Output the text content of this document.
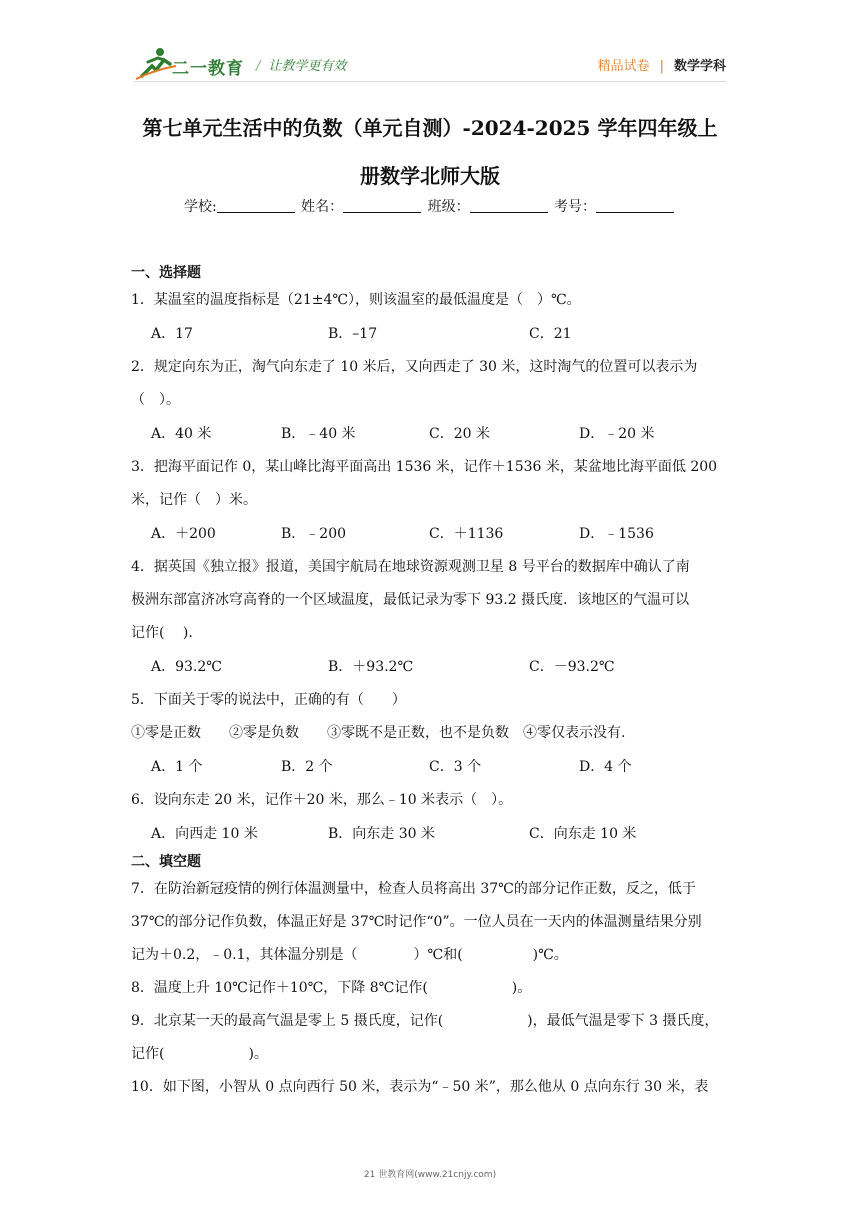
二一教育 / 让教学更有效	精品试卷 | 数学学科
第七单元生活中的负数（单元自测）-2024-2025 学年四年级上
册数学北师大版
学校:	姓名：	班级：	考号：
一、选择题
1．某温室的温度指标是（21±4℃），则该温室的最低温度是（　）℃。
A．17	B．–17	C．21
2．规定向东为正，淘气向东走了 10 米后，又向西走了 30 米，这时淘气的位置可以表示为
（　）。
A．40 米	B．﹣40 米	C．20 米	D．﹣20 米
3．把海平面记作 0，某山峰比海平面高出 1536 米，记作＋1536 米，某盆地比海平面低 200
米，记作（　）米。
A．＋200	B．﹣200	C．＋1136	D．﹣1536
4．据英国《独立报》报道，美国宇航局在地球资源观测卫星 8 号平台的数据库中确认了南
极洲东部富济冰穹高脊的一个区域温度，最低记录为零下 93.2 摄氏度．该地区的气温可以
记作(　 ).
A．93.2℃	B．＋93.2℃	C．－93.2℃
5．下面关于零的说法中，正确的有（　　）
①零是正数　　②零是负数　　③零既不是正数，也不是负数　④零仅表示没有.
A．1 个	B．2 个	C．3 个	D．4 个
6．设向东走 20 米，记作＋20 米，那么﹣10 米表示（　）。
A．向西走 10 米	B．向东走 30 米	C．向东走 10 米
二、填空题
7．在防治新冠疫情的例行体温测量中，检查人员将高出 37℃的部分记作正数，反之，低于
37℃的部分记作负数，体温正好是 37℃时记作“0”。一位人员在一天内的体温测量结果分别
记为＋0.2，﹣0.1，其体温分别是（　　　　）℃和(　　　　　)℃。
8．温度上升 10℃记作＋10℃，下降 8℃记作(　　　　　　)。
9．北京某一天的最高气温是零上 5 摄氏度，记作(　　　　　　)，最低气温是零下 3 摄氏度，
记作(　　　　　　)。
10．如下图，小智从 0 点向西行 50 米，表示为“﹣50 米”，那么他从 0 点向东行 30 米，表
21 世教育网(www.21cnjy.com)
